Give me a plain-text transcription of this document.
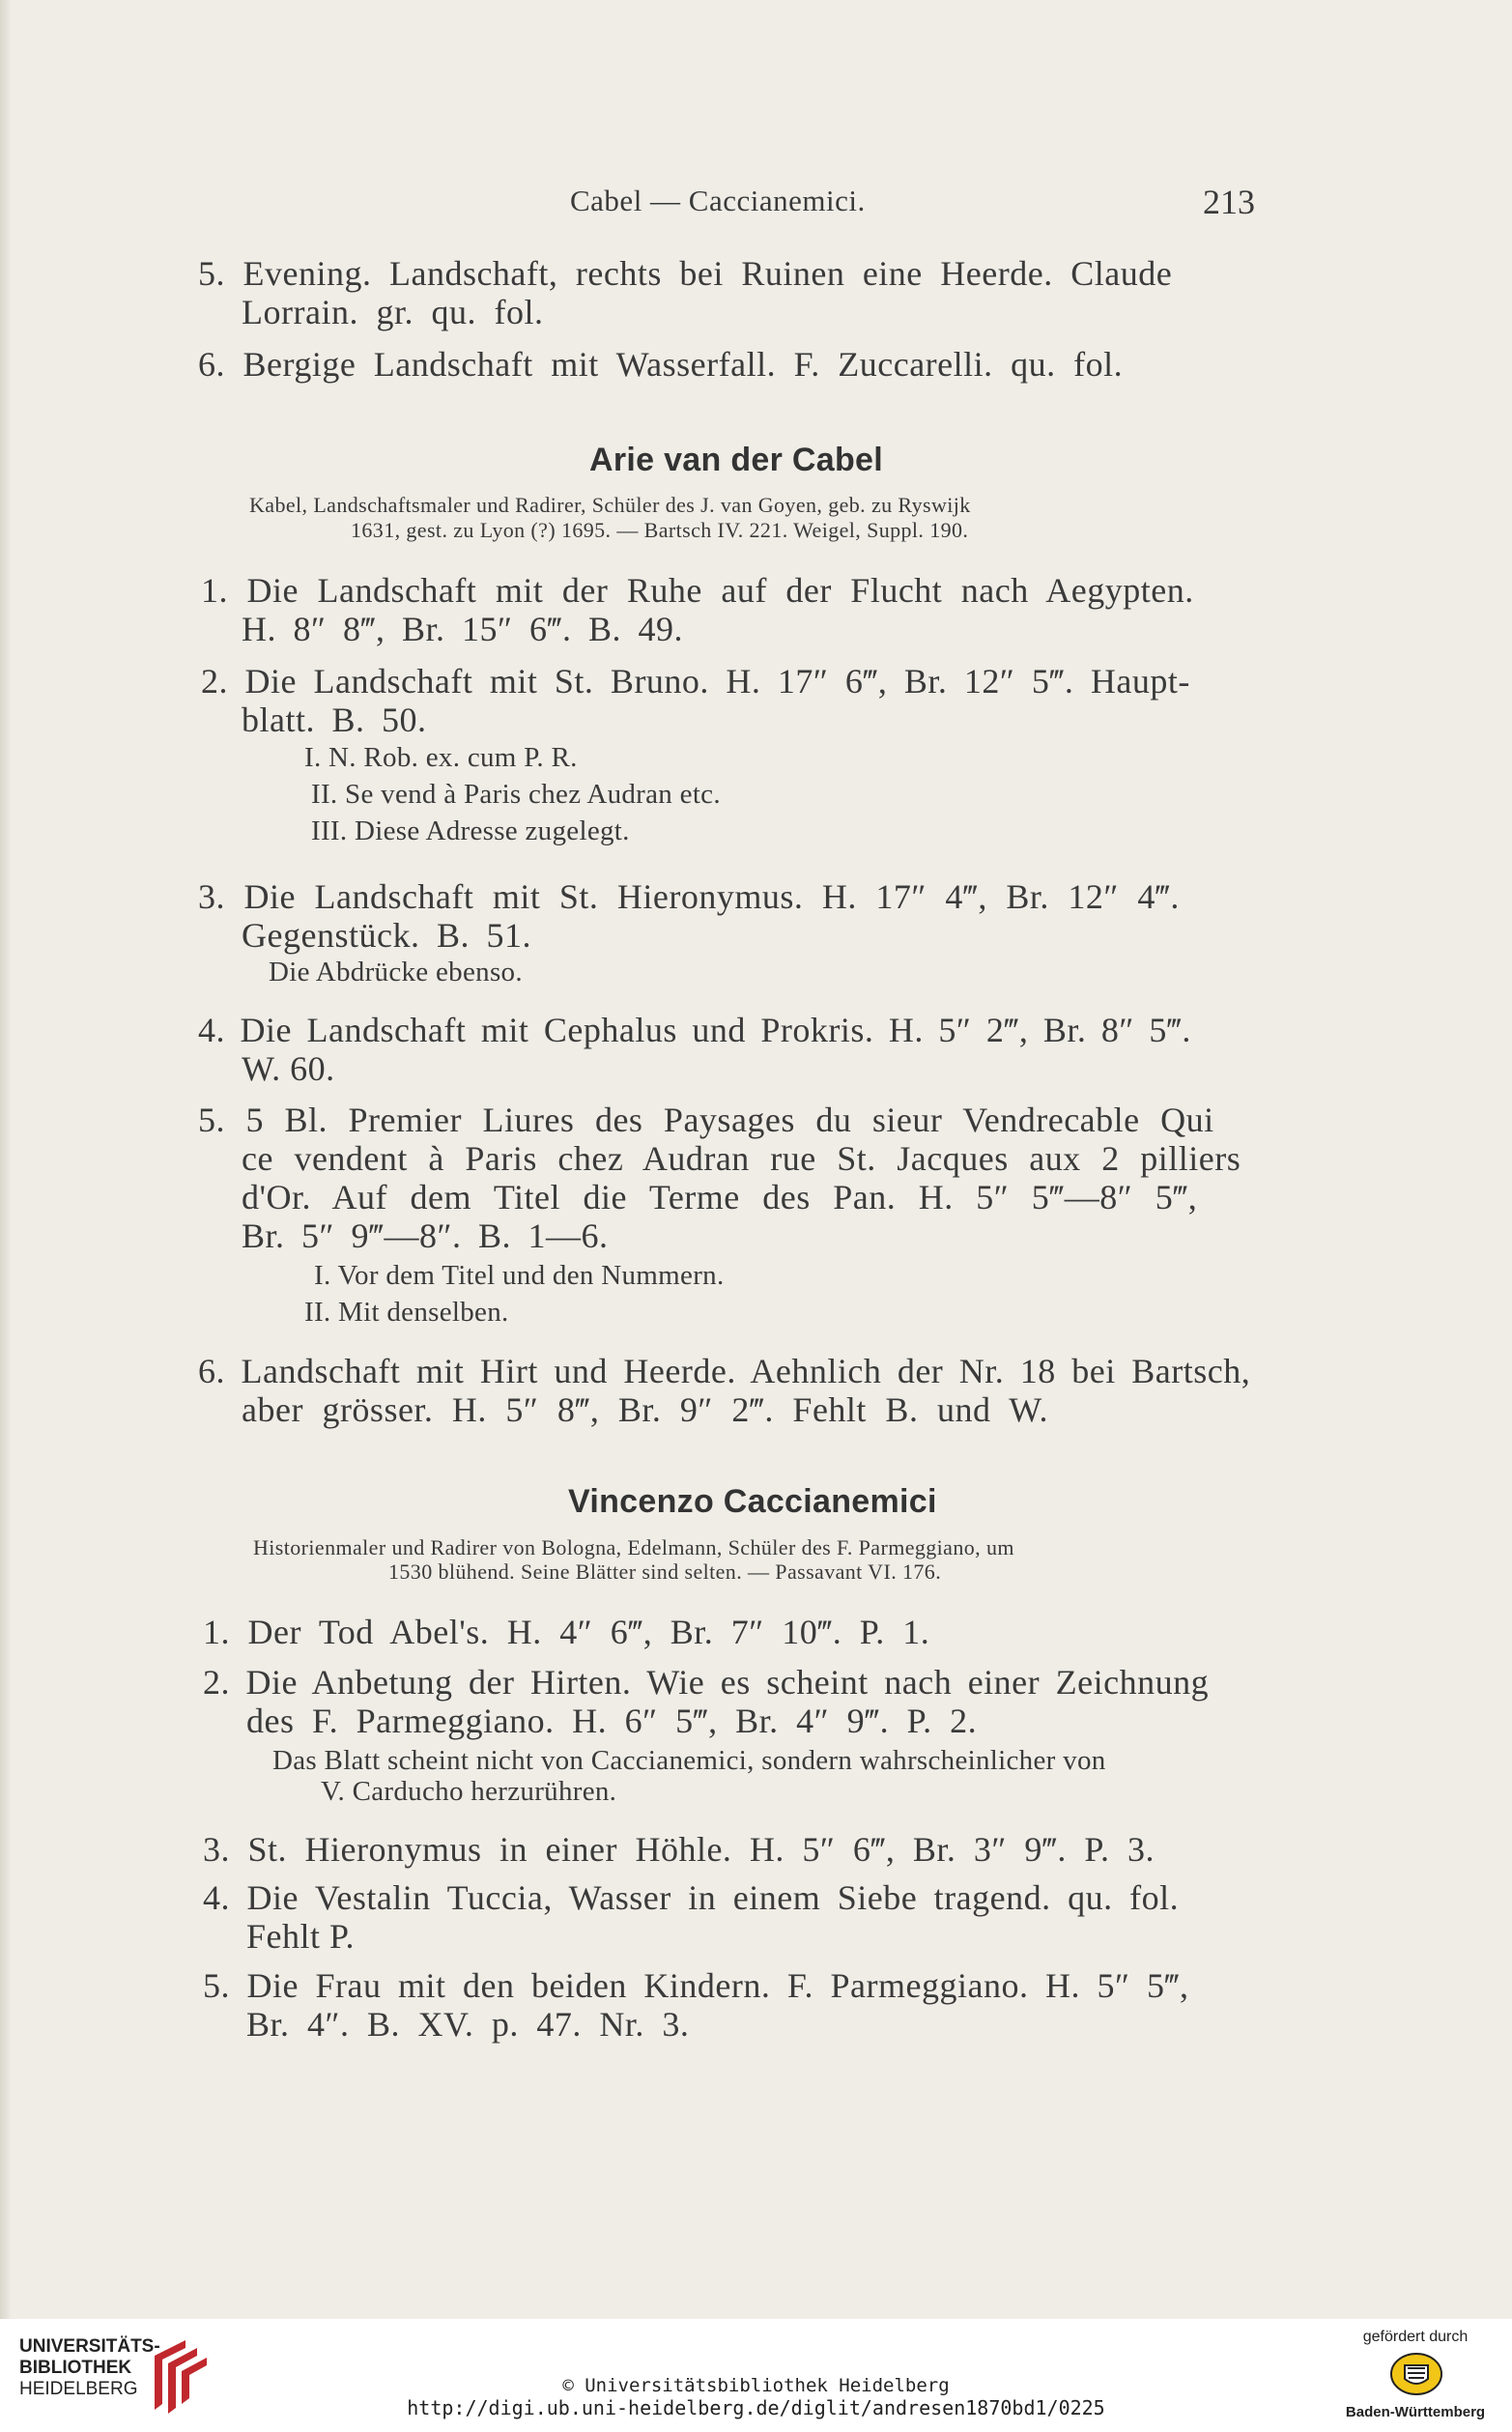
Cabel — Caccianemici.	213
5. Evening. Landschaft, rechts bei Ruinen eine Heerde. Claude
Lorrain. gr. qu. fol.
6. Bergige Landschaft mit Wasserfall. F. Zuccarelli. qu. fol.
Arie van der Cabel
Kabel, Landschaftsmaler und Radirer, Schüler des J. van Goyen, geb. zu Ryswijk
1631, gest. zu Lyon (?) 1695. — Bartsch IV. 221. Weigel, Suppl. 190.
1. Die Landschaft mit der Ruhe auf der Flucht nach Aegypten.
H. 8″ 8‴, Br. 15″ 6‴. B. 49.
2. Die Landschaft mit St. Bruno. H. 17″ 6‴, Br. 12″ 5‴. Haupt-
blatt. B. 50.
I. N. Rob. ex. cum P. R.
II. Se vend à Paris chez Audran etc.
III. Diese Adresse zugelegt.
3. Die Landschaft mit St. Hieronymus. H. 17″ 4‴, Br. 12″ 4‴.
Gegenstück. B. 51.
Die Abdrücke ebenso.
4. Die Landschaft mit Cephalus und Prokris. H. 5″ 2‴, Br. 8″ 5‴.
W. 60.
5. 5 Bl. Premier Liures des Paysages du sieur Vendrecable Qui
ce vendent à Paris chez Audran rue St. Jacques aux 2 pilliers
d'Or. Auf dem Titel die Terme des Pan. H. 5″ 5‴—8″ 5‴,
Br. 5″ 9‴—8″. B. 1—6.
I. Vor dem Titel und den Nummern.
II. Mit denselben.
6. Landschaft mit Hirt und Heerde. Aehnlich der Nr. 18 bei Bartsch,
aber grösser. H. 5″ 8‴, Br. 9″ 2‴. Fehlt B. und W.
Vincenzo Caccianemici
Historienmaler und Radirer von Bologna, Edelmann, Schüler des F. Parmeggiano, um
1530 blühend. Seine Blätter sind selten. — Passavant VI. 176.
1. Der Tod Abel's. H. 4″ 6‴, Br. 7″ 10‴. P. 1.
2. Die Anbetung der Hirten. Wie es scheint nach einer Zeichnung
des F. Parmeggiano. H. 6″ 5‴, Br. 4″ 9‴. P. 2.
Das Blatt scheint nicht von Caccianemici, sondern wahrscheinlicher von
V. Carducho herzurühren.
3. St. Hieronymus in einer Höhle. H. 5″ 6‴, Br. 3″ 9‴. P. 3.
4. Die Vestalin Tuccia, Wasser in einem Siebe tragend. qu. fol.
Fehlt P.
5. Die Frau mit den beiden Kindern. F. Parmeggiano. H. 5″ 5‴,
Br. 4″. B. XV. p. 47. Nr. 3.
UNIVERSITÄTS-
BIBLIOTHEK
HEIDELBERG	© Universitätsbibliothek Heidelberg
http://digi.ub.uni-heidelberg.de/diglit/andresen1870bd1/0225
gefördert durch
Baden-Württemberg
